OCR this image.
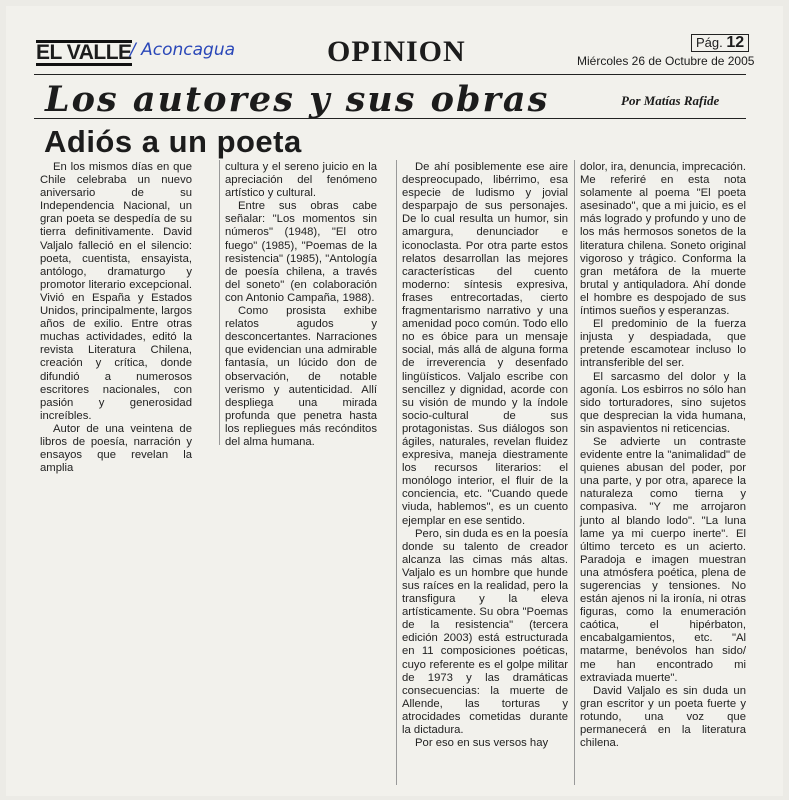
EL VALLE
/ Aconcagua	OPINION	Pág. 12
Miércoles 26 de Octubre de 2005
Los autores y sus obras	Por Matías Rafide
Adiós a un poeta

En los mismos días en que Chile celebraba un nuevo aniversario de su Independencia Nacional, un gran poeta se despedía de su tierra definitivamente. David Valjalo falleció en el silencio: poeta, cuentista, ensayista, antólogo, dramaturgo y promotor literario excepcional. Vivió en España y Estados Unidos, principalmente, largos años de exilio. Entre otras muchas actividades, editó la revista Literatura Chilena, creación y crítica, donde difundió a numerosos escritores nacionales, con pasión y generosidad increíbles.

Autor de una veintena de libros de poesía, narración y ensayos que revelan la amplia

cultura y el sereno juicio en la apreciación del fenómeno artístico y cultural.

Entre sus obras cabe señalar: "Los momentos sin números" (1948), "El otro fuego" (1985), "Poemas de la resistencia" (1985), "Antología de poesía chilena, a través del soneto" (en colaboración con Antonio Campaña, 1988).

Como prosista exhibe relatos agudos y desconcertantes. Narraciones que evidencian una admirable fantasía, un lúcido don de observación, de notable verismo y autenticidad. Allí despliega una mirada profunda que penetra hasta los repliegues más recónditos del alma humana.

De ahí posiblemente ese aire despreocupado, libérrimo, esa especie de ludismo y jovial desparpajo de sus personajes. De lo cual resulta un humor, sin amargura, denunciador e iconoclasta. Por otra parte estos relatos desarrollan las mejores características del cuento moderno: síntesis expresiva, frases entrecortadas, cierto fragmentarismo narrativo y una amenidad poco común. Todo ello no es óbice para un mensaje social, más allá de alguna forma de irreverencia y desenfado lingüísticos. Valjalo escribe con sencillez y dignidad, acorde con su visión de mundo y la índole socio-cultural de sus protagonistas. Sus diálogos son ágiles, naturales, revelan fluidez expresiva, maneja diestramente los recursos literarios: el monólogo interior, el fluir de la conciencia, etc. "Cuando quede viuda, hablemos", es un cuento ejemplar en ese sentido.

Pero, sin duda es en la poesía donde su talento de creador alcanza las cimas más altas. Valjalo es un hombre que hunde sus raíces en la realidad, pero la transfigura y la eleva artísticamente. Su obra "Poemas de la resistencia" (tercera edición 2003) está estructurada en 11 composiciones poéticas, cuyo referente es el golpe militar de 1973 y las dramáticas consecuencias: la muerte de Allende, las torturas y atrocidades cometidas durante la dictadura.

Por eso en sus versos hay

dolor, ira, denuncia, imprecación. Me referiré en esta nota solamente al poema "El poeta asesinado", que a mi juicio, es el más logrado y profundo y uno de los más hermosos sonetos de la literatura chilena. Soneto original vigoroso y trágico. Conforma la gran metáfora de la muerte brutal y antiquladora. Ahí donde el hombre es despojado de sus íntimos sueños y esperanzas.

El predominio de la fuerza injusta y despiadada, que pretende escamotear incluso lo intransferible del ser.

El sarcasmo del dolor y la agonía. Los esbirros no sólo han sido torturadores, sino sujetos que desprecian la vida humana, sin aspavientos ni reticencias.

Se advierte un contraste evidente entre la "animalidad" de quienes abusan del poder, por una parte, y por otra, aparece la naturaleza como tierna y compasiva. "Y me arrojaron junto al blando lodo". "La luna lame ya mi cuerpo inerte". El último terceto es un acierto. Paradoja e imagen muestran una atmósfera poética, plena de sugerencias y tensiones. No están ajenos ni la ironía, ni otras figuras, como la enumeración caótica, el hipérbaton, encabalgamientos, etc. "Al matarme, benévolos han sido/ me han encontrado mi extraviada muerte".

David Valjalo es sin duda un gran escritor y un poeta fuerte y rotundo, una voz que permanecerá en la literatura chilena.
